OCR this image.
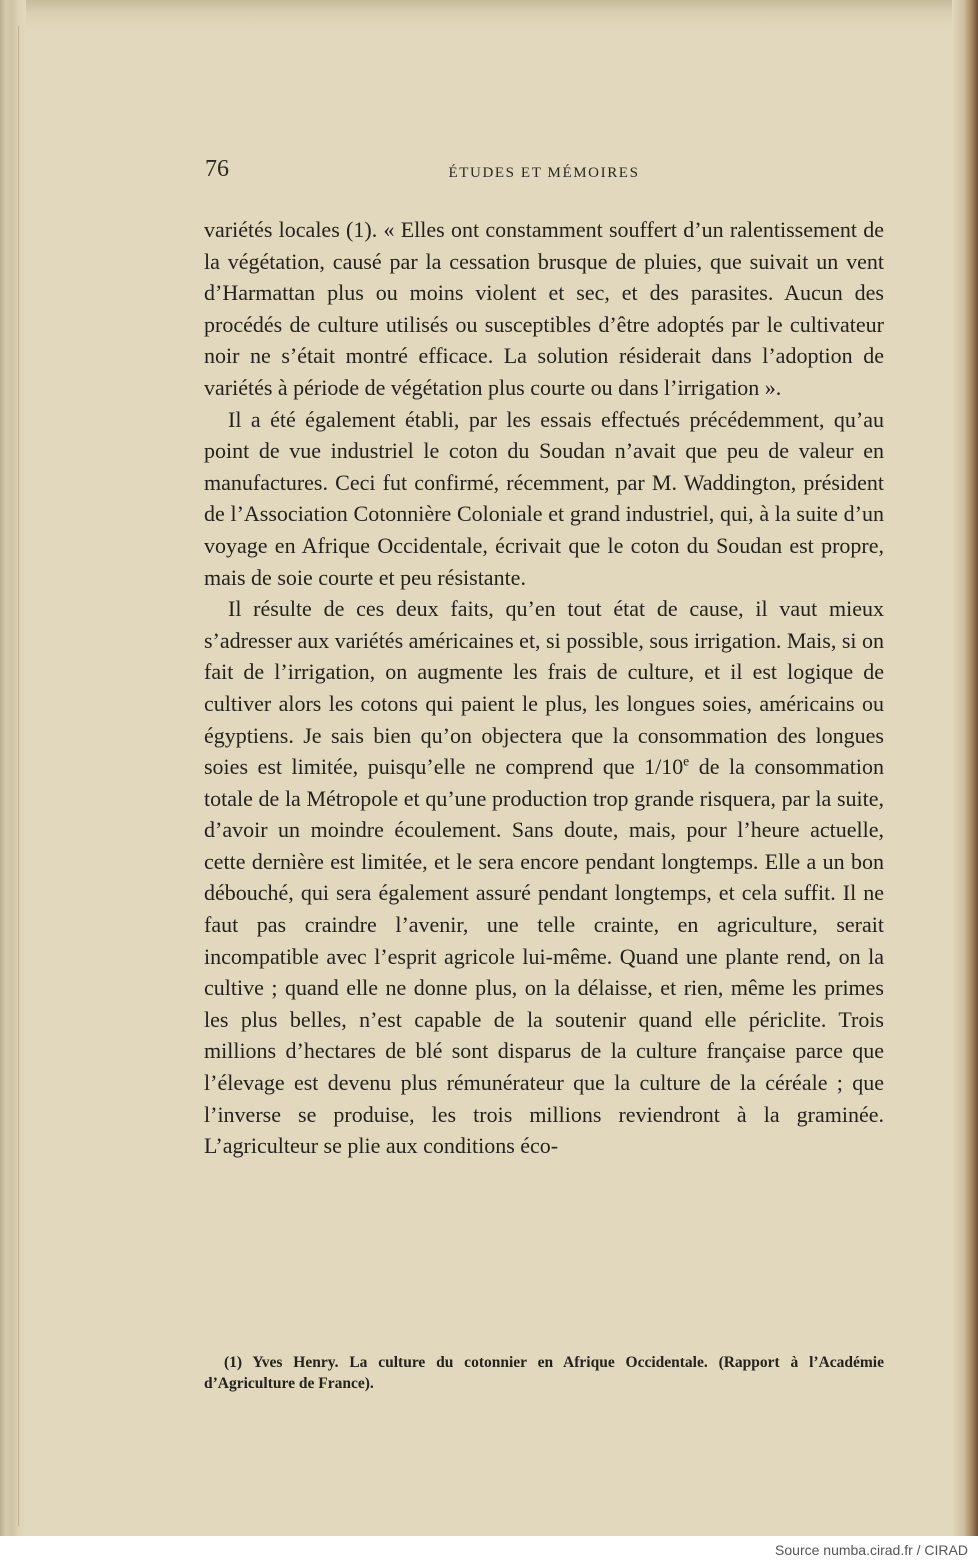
76	ÉTUDES ET MÉMOIRES

variétés locales (1). « Elles ont constamment souffert d’un ralentissement de la végétation, causé par la cessation brusque de pluies, que suivait un vent d’Harmattan plus ou moins violent et sec, et des parasites. Aucun des procédés de culture utilisés ou susceptibles d’être adoptés par le cultivateur noir ne s’était montré efficace. La solution résiderait dans l’adoption de variétés à période de végétation plus courte ou dans l’irrigation ».

Il a été également établi, par les essais effectués précédemment, qu’au point de vue industriel le coton du Soudan n’avait que peu de valeur en manufactures. Ceci fut confirmé, récemment, par M. Waddington, président de l’Association Cotonnière Coloniale et grand industriel, qui, à la suite d’un voyage en Afrique Occidentale, écrivait que le coton du Soudan est propre, mais de soie courte et peu résistante.

Il résulte de ces deux faits, qu’en tout état de cause, il vaut mieux s’adresser aux variétés américaines et, si possible, sous irrigation. Mais, si on fait de l’irrigation, on augmente les frais de culture, et il est logique de cultiver alors les cotons qui paient le plus, les longues soies, américains ou égyptiens. Je sais bien qu’on objectera que la consommation des longues soies est limitée, puisqu’elle ne comprend que 1/10e de la consommation totale de la Métropole et qu’une production trop grande risquera, par la suite, d’avoir un moindre écoulement. Sans doute, mais, pour l’heure actuelle, cette dernière est limitée, et le sera encore pendant longtemps. Elle a un bon débouché, qui sera également assuré pendant longtemps, et cela suffit. Il ne faut pas craindre l’avenir, une telle crainte, en agriculture, serait incompatible avec l’esprit agricole lui-même. Quand une plante rend, on la cultive ; quand elle ne donne plus, on la délaisse, et rien, même les primes les plus belles, n’est capable de la soutenir quand elle périclite. Trois millions d’hectares de blé sont disparus de la culture française parce que l’élevage est devenu plus rémunérateur que la culture de la céréale ; que l’inverse se produise, les trois millions reviendront à la graminée. L’agriculteur se plie aux conditions éco-

(1) Yves Henry. La culture du cotonnier en Afrique Occidentale. (Rapport à l’Académie d’Agriculture de France).

Source numba.cirad.fr / CIRAD
